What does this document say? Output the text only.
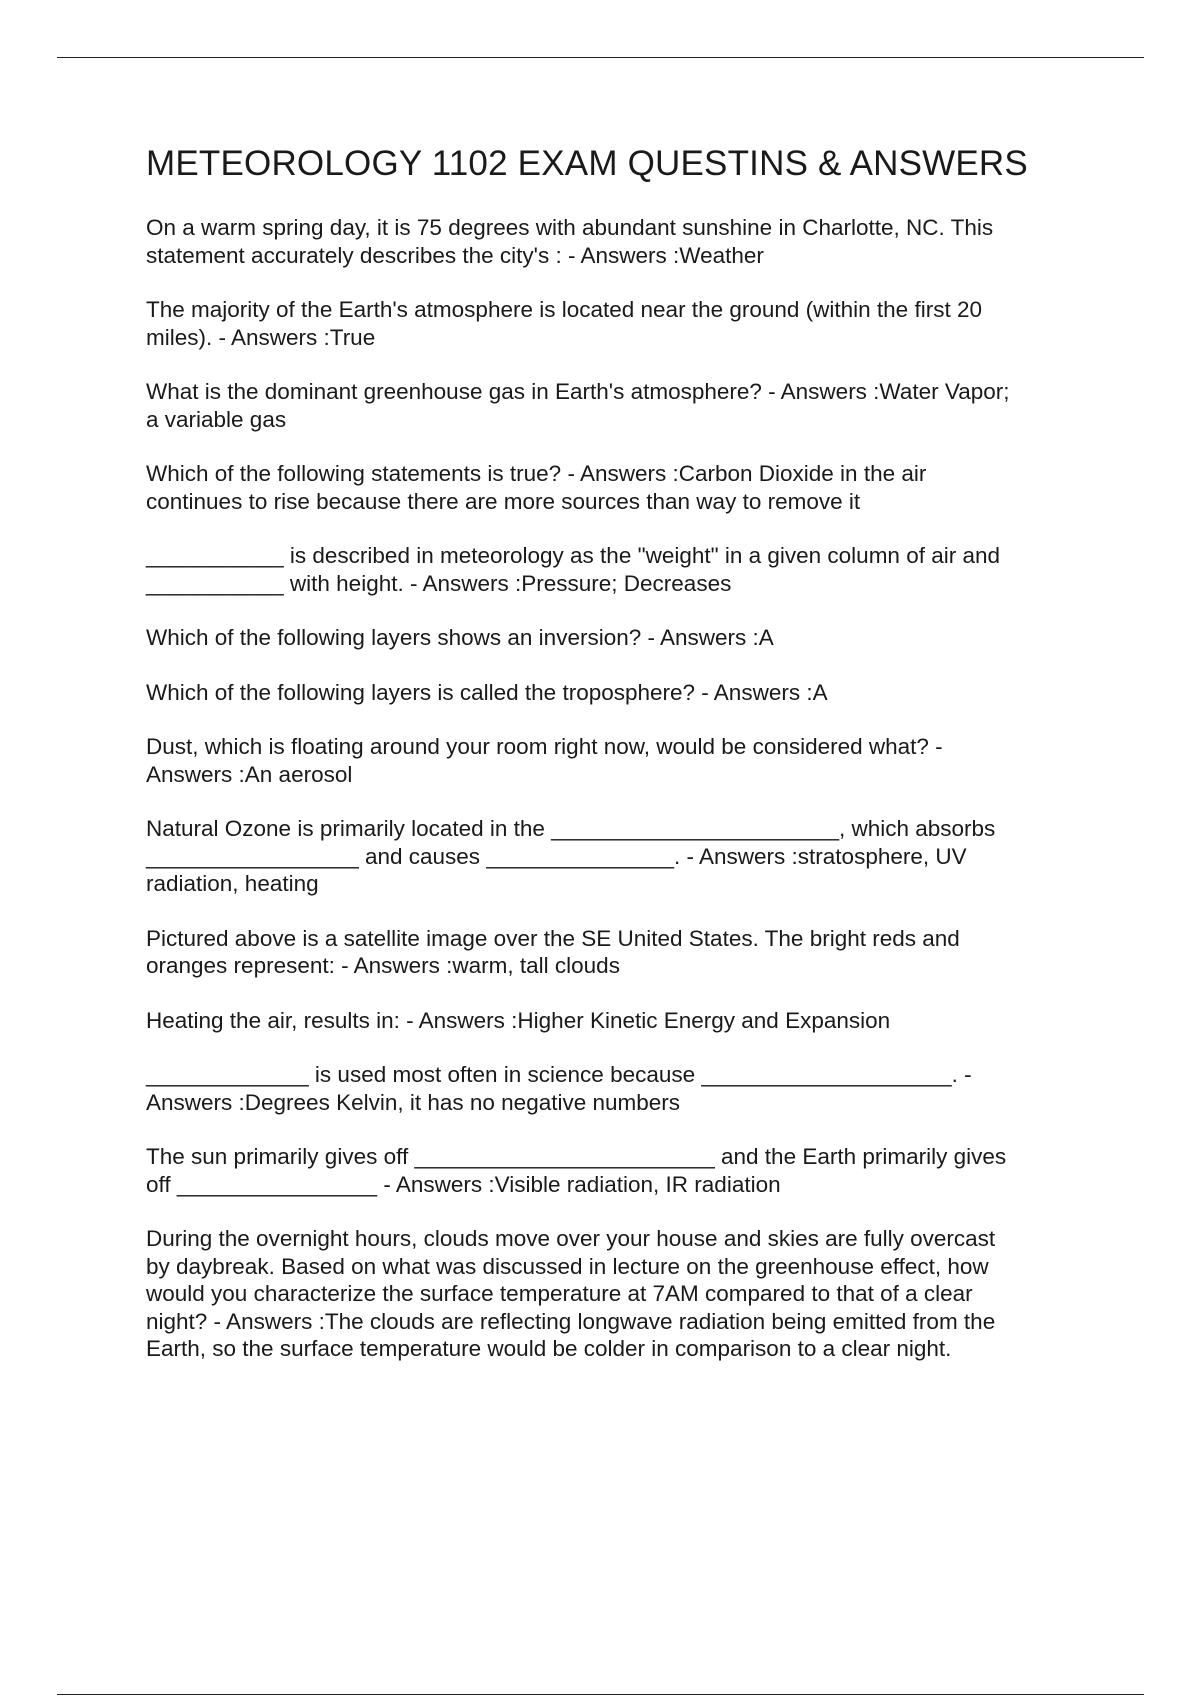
METEOROLOGY 1102 EXAM QUESTINS & ANSWERS
On a warm spring day, it is 75 degrees with abundant sunshine in Charlotte, NC. This
statement accurately describes the city's : - Answers :Weather
The majority of the Earth's atmosphere is located near the ground (within the first 20
miles). - Answers :True
What is the dominant greenhouse gas in Earth's atmosphere? - Answers :Water Vapor;
a variable gas
Which of the following statements is true? - Answers :Carbon Dioxide in the air
continues to rise because there are more sources than way to remove it
___________ is described in meteorology as the "weight" in a given column of air and
___________ with height. - Answers :Pressure; Decreases
Which of the following layers shows an inversion? - Answers :A
Which of the following layers is called the troposphere? - Answers :A
Dust, which is floating around your room right now, would be considered what? -
Answers :An aerosol
Natural Ozone is primarily located in the _______________________, which absorbs
_________________ and causes _______________. - Answers :stratosphere, UV
radiation, heating
Pictured above is a satellite image over the SE United States. The bright reds and
oranges represent: - Answers :warm, tall clouds
Heating the air, results in: - Answers :Higher Kinetic Energy and Expansion
_____________ is used most often in science because ____________________. -
Answers :Degrees Kelvin, it has no negative numbers
The sun primarily gives off ________________________ and the Earth primarily gives
off ________________ - Answers :Visible radiation, IR radiation
During the overnight hours, clouds move over your house and skies are fully overcast
by daybreak. Based on what was discussed in lecture on the greenhouse effect, how
would you characterize the surface temperature at 7AM compared to that of a clear
night? - Answers :The clouds are reflecting longwave radiation being emitted from the
Earth, so the surface temperature would be colder in comparison to a clear night.
